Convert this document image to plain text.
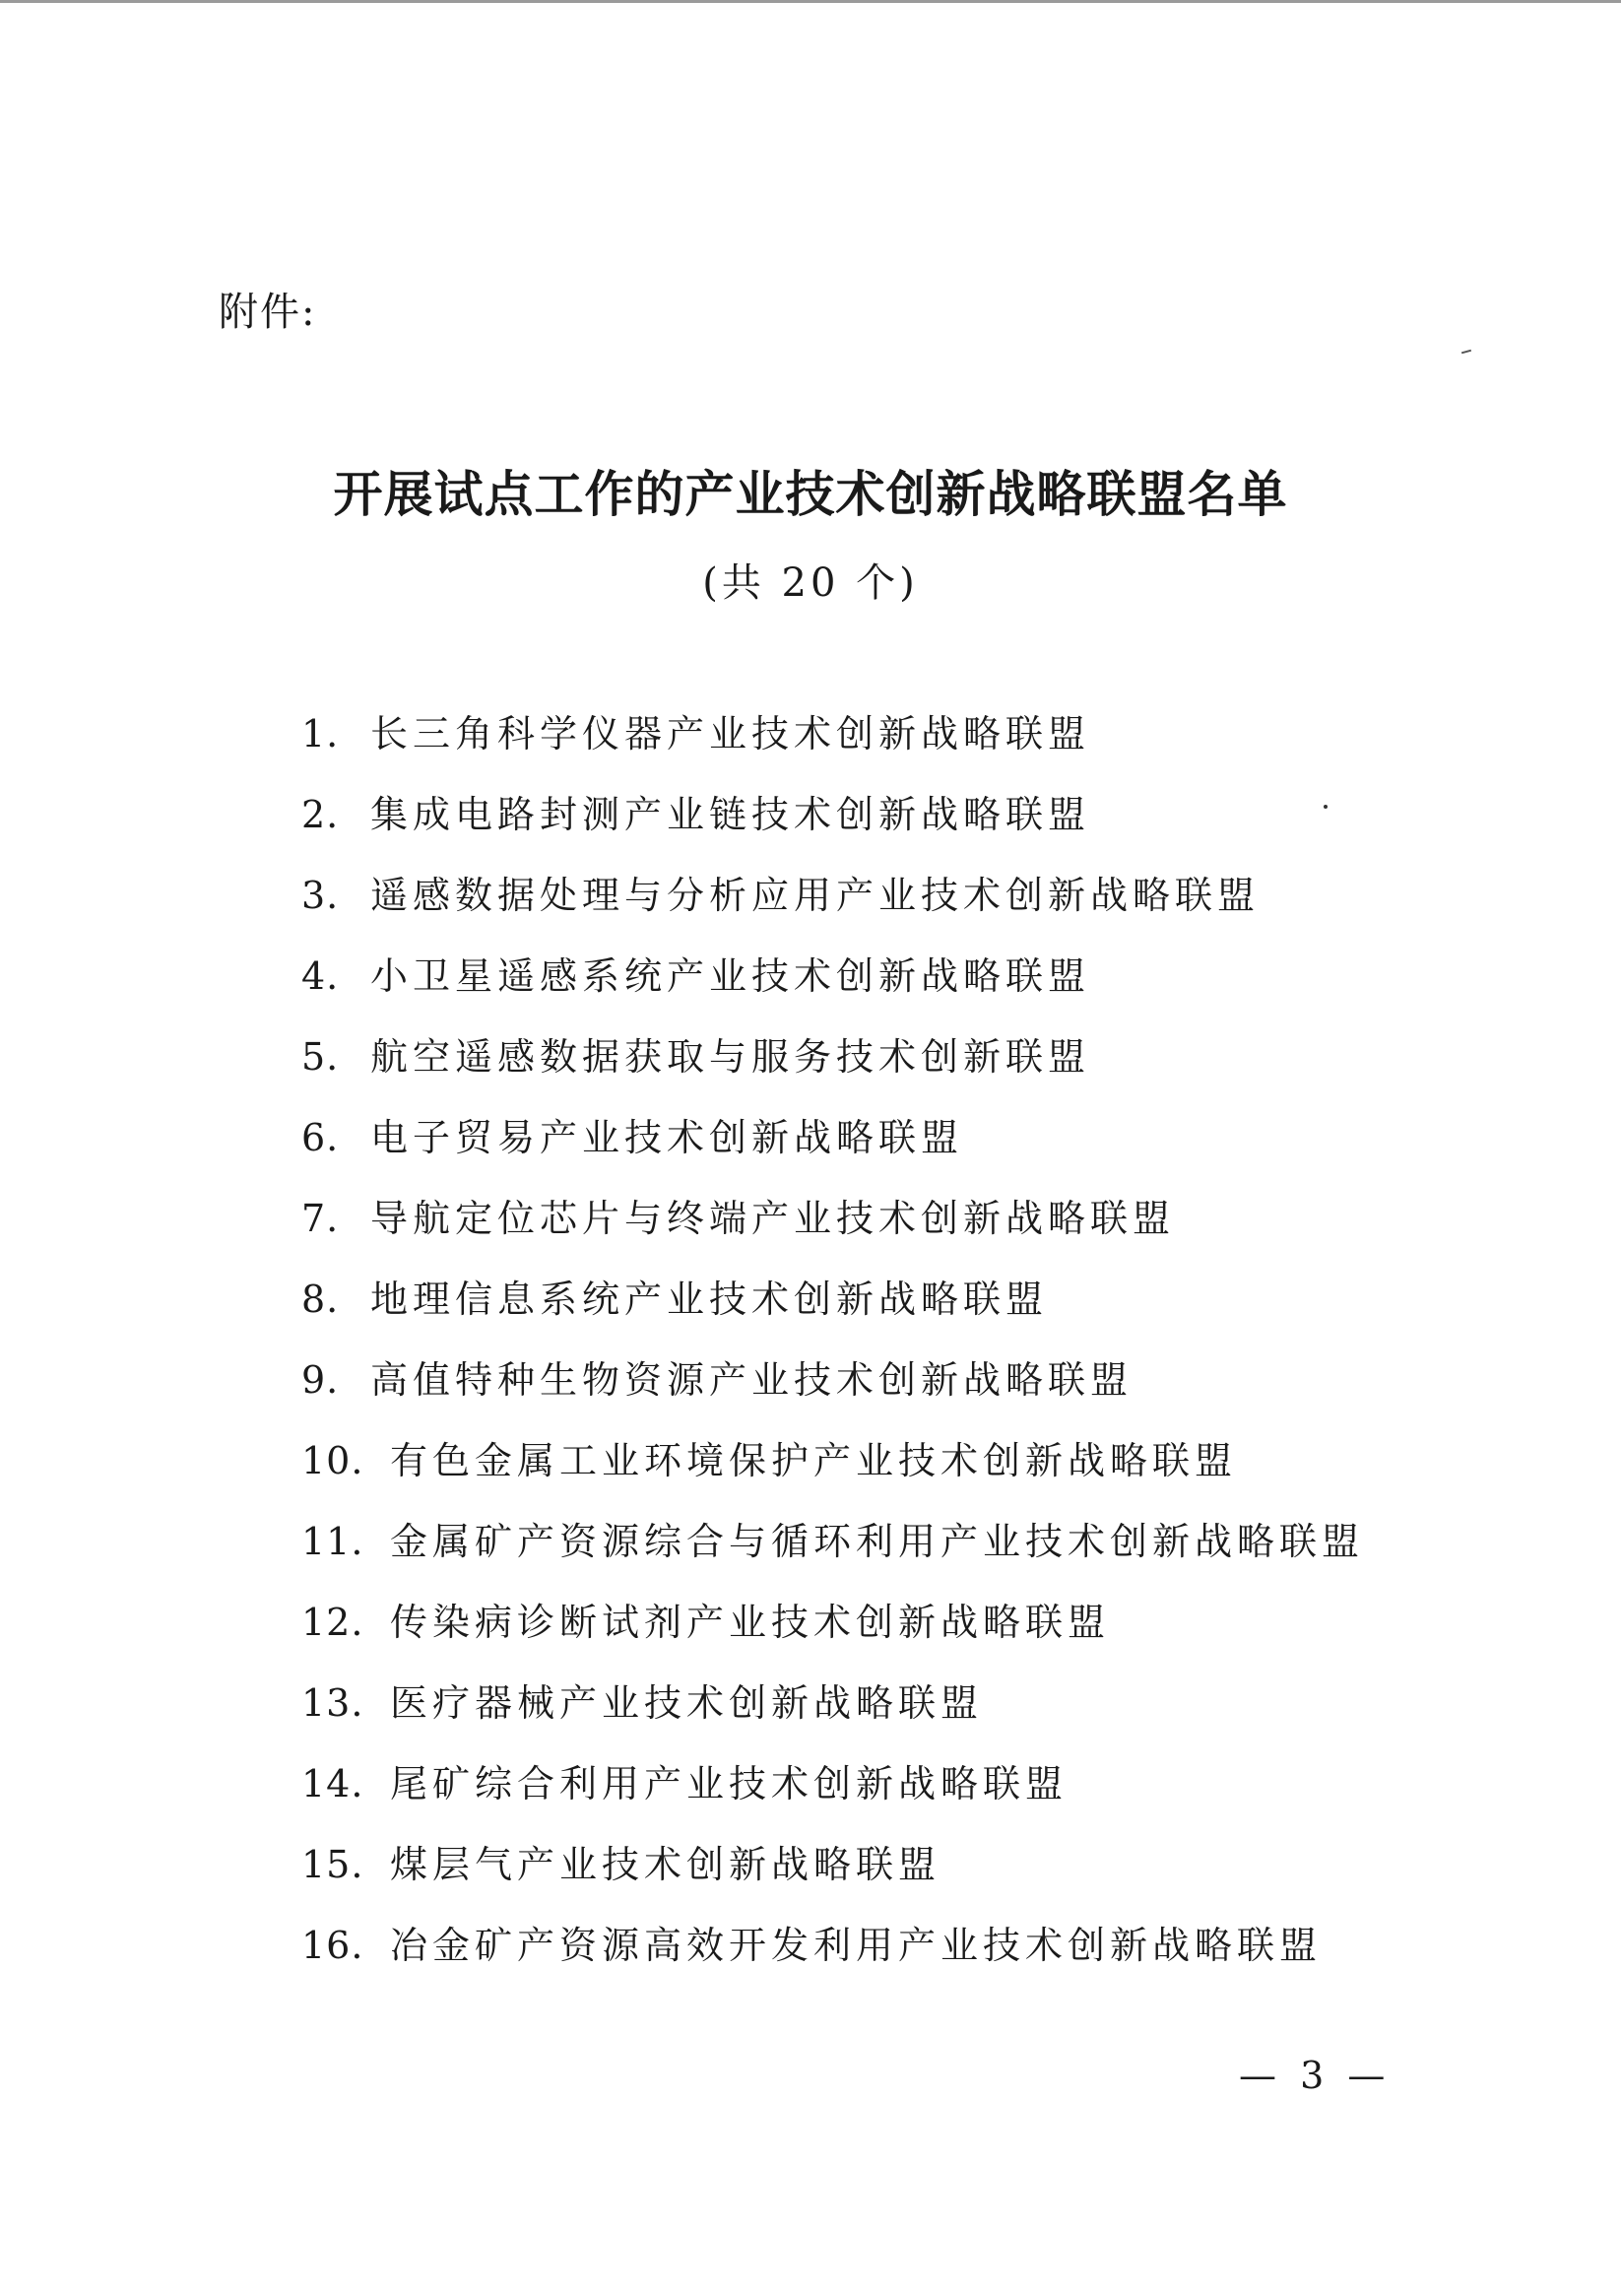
附件:
开展试点工作的产业技术创新战略联盟名单
(共 20 个)
1. 长三角科学仪器产业技术创新战略联盟
2. 集成电路封测产业链技术创新战略联盟
3. 遥感数据处理与分析应用产业技术创新战略联盟
4. 小卫星遥感系统产业技术创新战略联盟
5. 航空遥感数据获取与服务技术创新联盟
6. 电子贸易产业技术创新战略联盟
7. 导航定位芯片与终端产业技术创新战略联盟
8. 地理信息系统产业技术创新战略联盟
9. 高值特种生物资源产业技术创新战略联盟
10. 有色金属工业环境保护产业技术创新战略联盟
11. 金属矿产资源综合与循环利用产业技术创新战略联盟
12. 传染病诊断试剂产业技术创新战略联盟
13. 医疗器械产业技术创新战略联盟
14. 尾矿综合利用产业技术创新战略联盟
15. 煤层气产业技术创新战略联盟
16. 冶金矿产资源高效开发利用产业技术创新战略联盟
— 3 —
